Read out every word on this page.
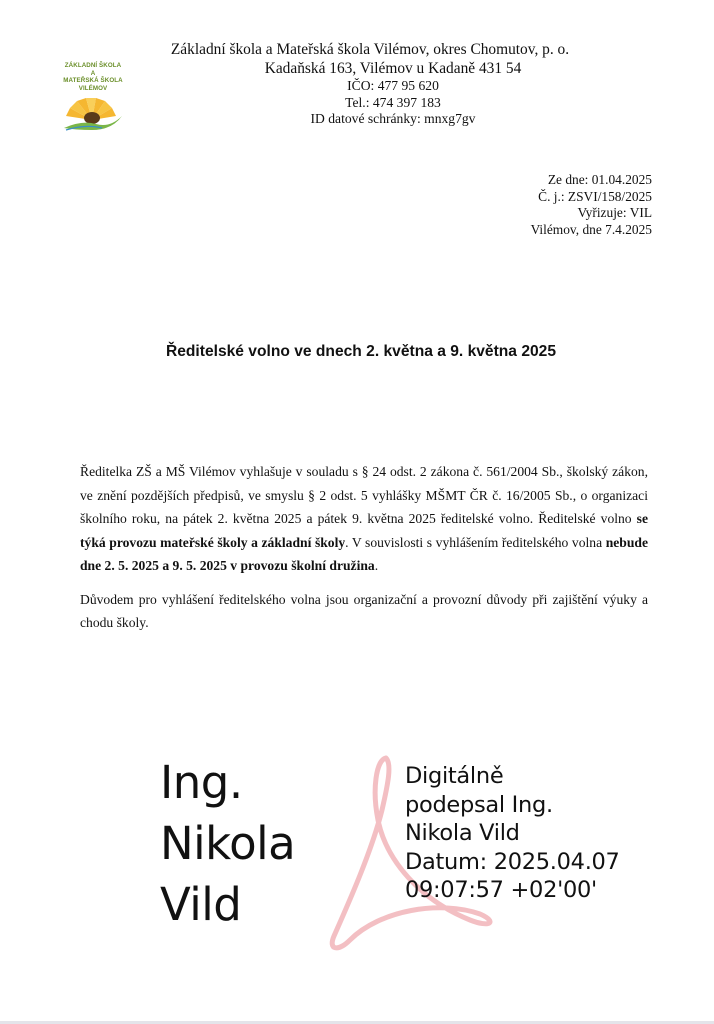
ZÁKLADNÍ ŠKOLA
A
MATEŘSKÁ ŠKOLA
VILÉMOV
Základní škola a Mateřská škola Vilémov, okres Chomutov, p. o.
Kadaňská 163, Vilémov u Kadaně 431 54
IČO: 477 95 620
Tel.: 474 397 183
ID datové schránky: mnxg7gv
Ze dne: 01.04.2025
Č. j.: ZSVI/158/2025
Vyřizuje: VIL
Vilémov, dne 7.4.2025
Ředitelské volno ve dnech 2. května a 9. května 2025

Ředitelka ZŠ a MŠ Vilémov vyhlašuje v souladu s § 24 odst. 2 zákona č. 561/2004 Sb., školský zákon, ve znění pozdějších předpisů, ve smyslu § 2 odst. 5 vyhlášky MŠMT ČR č. 16/2005 Sb., o organizaci školního roku, na pátek 2. května 2025 a pátek 9. května 2025 ředitelské volno. Ředitelské volno se týká provozu mateřské školy a základní školy. V souvislosti s vyhlášením ředitelského volna nebude dne 2. 5. 2025 a 9. 5. 2025 v provozu školní družina.

Důvodem pro vyhlášení ředitelského volna jsou organizační a provozní důvody při zajištění výuky a chodu školy.

Ing.
Nikola
Vild
Digitálně
podepsal Ing.
Nikola Vild
Datum: 2025.04.07
09:07:57 +02'00'
